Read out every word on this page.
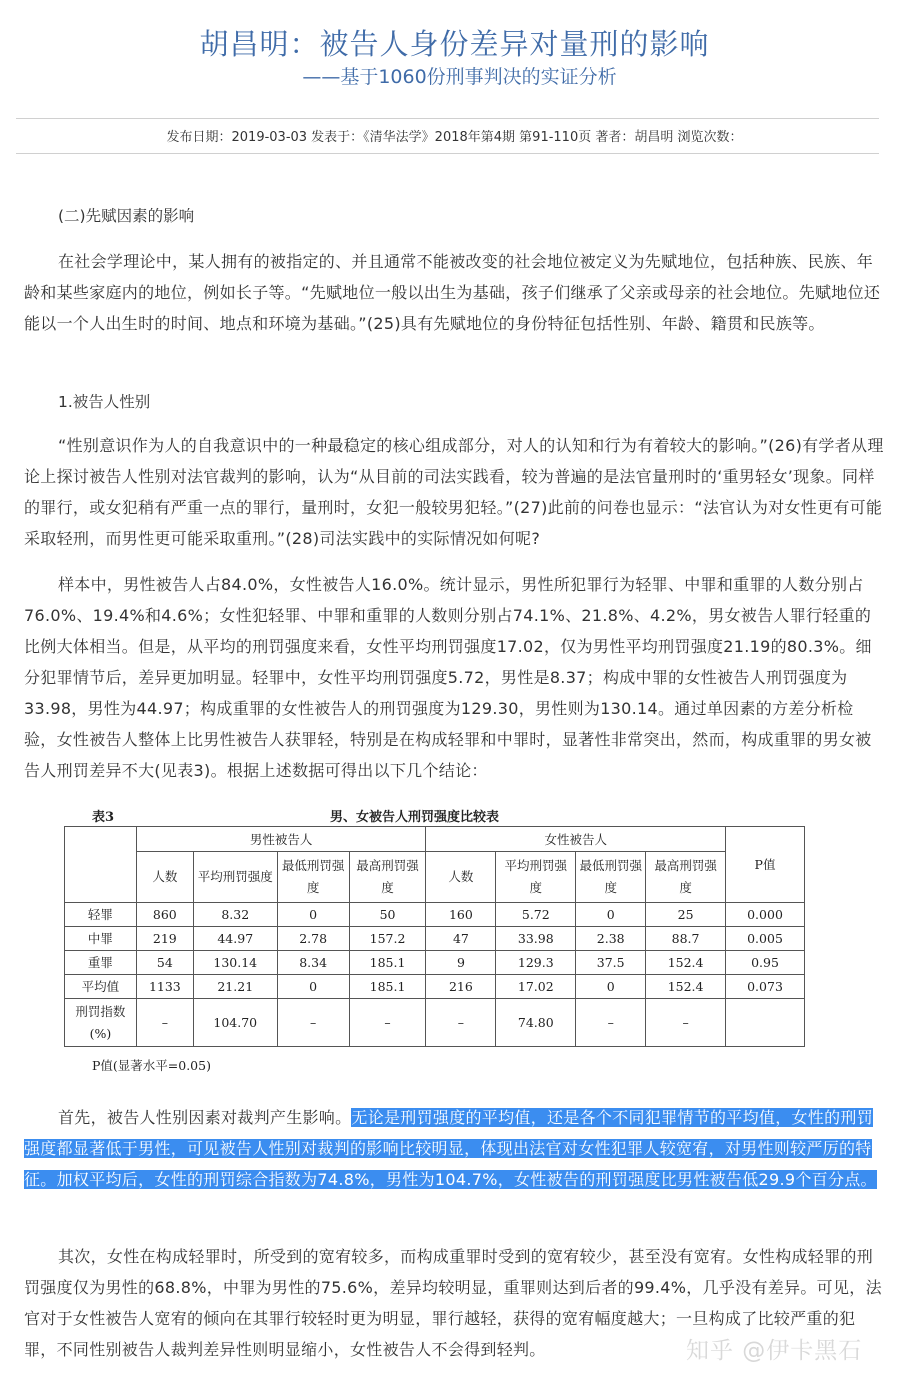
胡昌明：被告人身份差异对量刑的影响
——基于1060份刑事判决的实证分析
发布日期：2019-03-03 发表于：《清华法学》2018年第4期 第91-110页 著者：胡昌明 浏览次数：

(二)先赋因素的影响

在社会学理论中，某人拥有的被指定的、并且通常不能被改变的社会地位被定义为先赋地位，包括种族、民族、年龄和某些家庭内的地位，例如长子等。“先赋地位一般以出生为基础，孩子们继承了父亲或母亲的社会地位。先赋地位还能以一个人出生时的时间、地点和环境为基础。”(25)具有先赋地位的身份特征包括性别、年龄、籍贯和民族等。

1.被告人性别

“性别意识作为人的自我意识中的一种最稳定的核心组成部分，对人的认知和行为有着较大的影响。”(26)有学者从理论上探讨被告人性别对法官裁判的影响，认为“从目前的司法实践看，较为普遍的是法官量刑时的‘重男轻女’现象。同样的罪行，或女犯稍有严重一点的罪行，量刑时，女犯一般较男犯轻。”(27)此前的问卷也显示：“法官认为对女性更有可能采取轻刑，而男性更可能采取重刑。”(28)司法实践中的实际情况如何呢?

样本中，男性被告人占84.0%，女性被告人16.0%。统计显示，男性所犯罪行为轻罪、中罪和重罪的人数分别占76.0%、19.4%和4.6%；女性犯轻罪、中罪和重罪的人数则分别占74.1%、21.8%、4.2%，男女被告人罪行轻重的比例大体相当。但是，从平均的刑罚强度来看，女性平均刑罚强度17.02，仅为男性平均刑罚强度21.19的80.3%。细分犯罪情节后，差异更加明显。轻罪中，女性平均刑罚强度5.72，男性是8.37；构成中罪的女性被告人刑罚强度为33.98，男性为44.97；构成重罪的女性被告人的刑罚强度为129.30，男性则为130.14。通过单因素的方差分析检验，女性被告人整体上比男性被告人获罪轻，特别是在构成轻罪和中罪时，显著性非常突出，然而，构成重罪的男女被告人刑罚差异不大(见表3)。根据上述数据可得出以下几个结论：

表3	男、女被告人刑罚强度比较表
	男性被告人				女性被告人				P值
	人数	平均刑罚强度	最低刑罚强度	最高刑罚强度	人数	平均刑罚强度	最低刑罚强度	最高刑罚强度	
轻罪	860	8.32	0	50	160	5.72	0	25	0.000
中罪	219	44.97	2.78	157.2	47	33.98	2.38	88.7	0.005
重罪	54	130.14	8.34	185.1	9	129.3	37.5	152.4	0.95
平均值	1133	21.21	0	185.1	216	17.02	0	152.4	0.073
刑罚指数(%)	–	104.70	–	–	–	74.80	–	–	
P值(显著水平=0.05)

首先，被告人性别因素对裁判产生影响。无论是刑罚强度的平均值，还是各个不同犯罪情节的平均值，女性的刑罚强度都显著低于男性，可见被告人性别对裁判的影响比较明显，体现出法官对女性犯罪人较宽宥，对男性则较严厉的特征。加权平均后，女性的刑罚综合指数为74.8%，男性为104.7%，女性被告的刑罚强度比男性被告低29.9个百分点。

其次，女性在构成轻罪时，所受到的宽宥较多，而构成重罪时受到的宽宥较少，甚至没有宽宥。女性构成轻罪的刑罚强度仅为男性的68.8%，中罪为男性的75.6%，差异均较明显，重罪则达到后者的99.4%，几乎没有差异。可见，法官对于女性被告人宽宥的倾向在其罪行较轻时更为明显，罪行越轻，获得的宽宥幅度越大；一旦构成了比较严重的犯罪，不同性别被告人裁判差异性则明显缩小，女性被告人不会得到轻判。	知乎 @伊卡黑石
